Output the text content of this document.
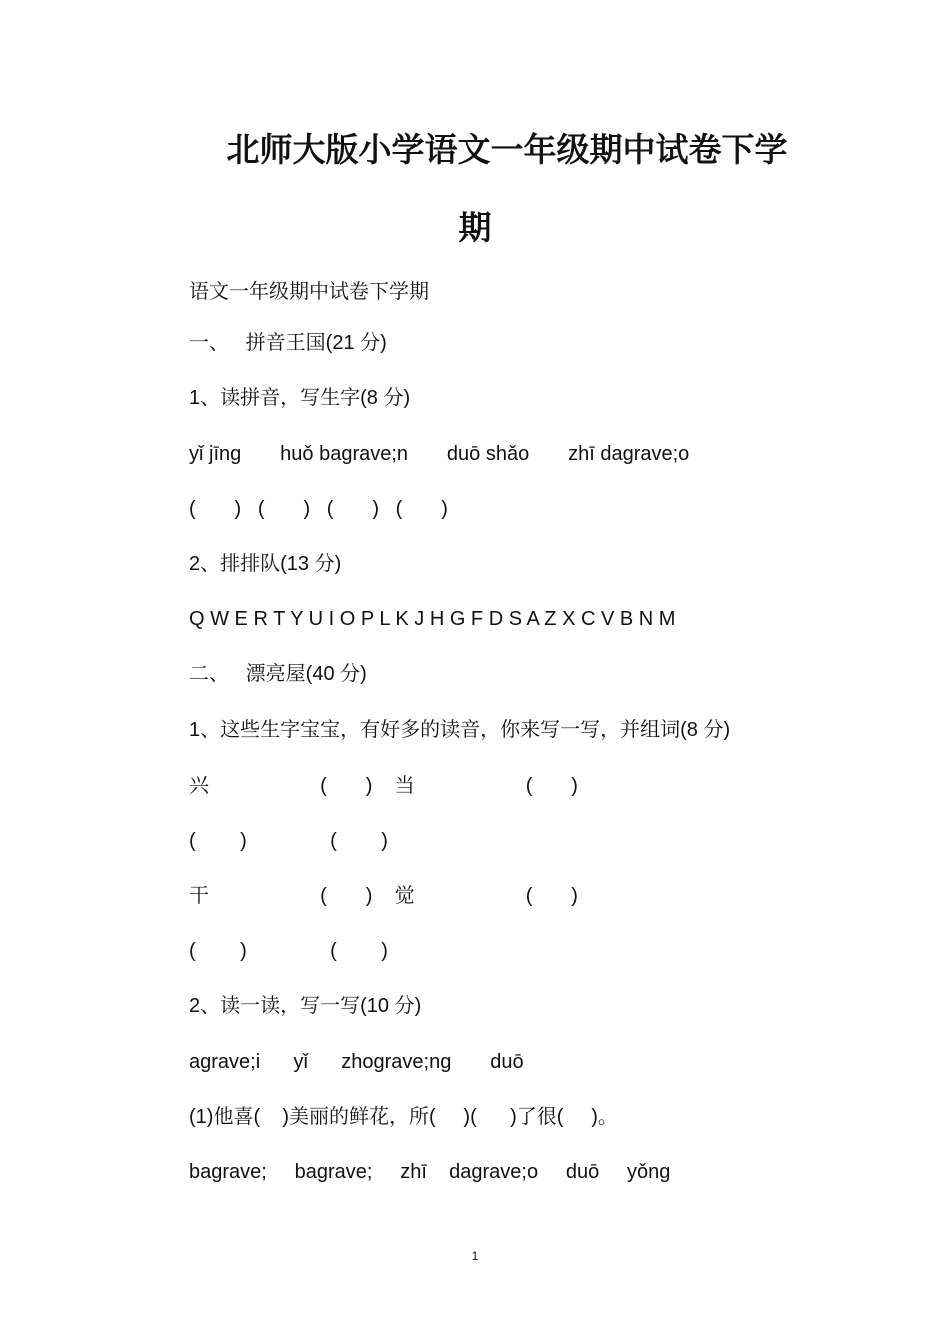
北师大版小学语文一年级期中试卷下学
期
语文一年级期中试卷下学期
一、   拼音王国(21 分)
1、读拼音，写生字(8 分)
yǐ jīng       huǒ bagrave;n       duō shǎo       zhī dagrave;o
(       )   (       )   (       )   (       )
2、排排队(13 分)
Q W E R T Y U I O P L K J H G F D S A Z X C V B N M
二、   漂亮屋(40 分)
1、这些生字宝宝，有好多的读音，你来写一写，并组词(8 分)
兴                    (       )    当                    (       )
(        )               (        )
干                    (       )    觉                    (       )
(        )               (        )
2、读一读，写一写(10 分)
agrave;i      yǐ      zhograve;ng       duō
(1)他喜(    )美丽的鲜花，所(     )(      )了很(     )。
bagrave;     bagrave;     zhī    dagrave;o     duō     yǒng
1
